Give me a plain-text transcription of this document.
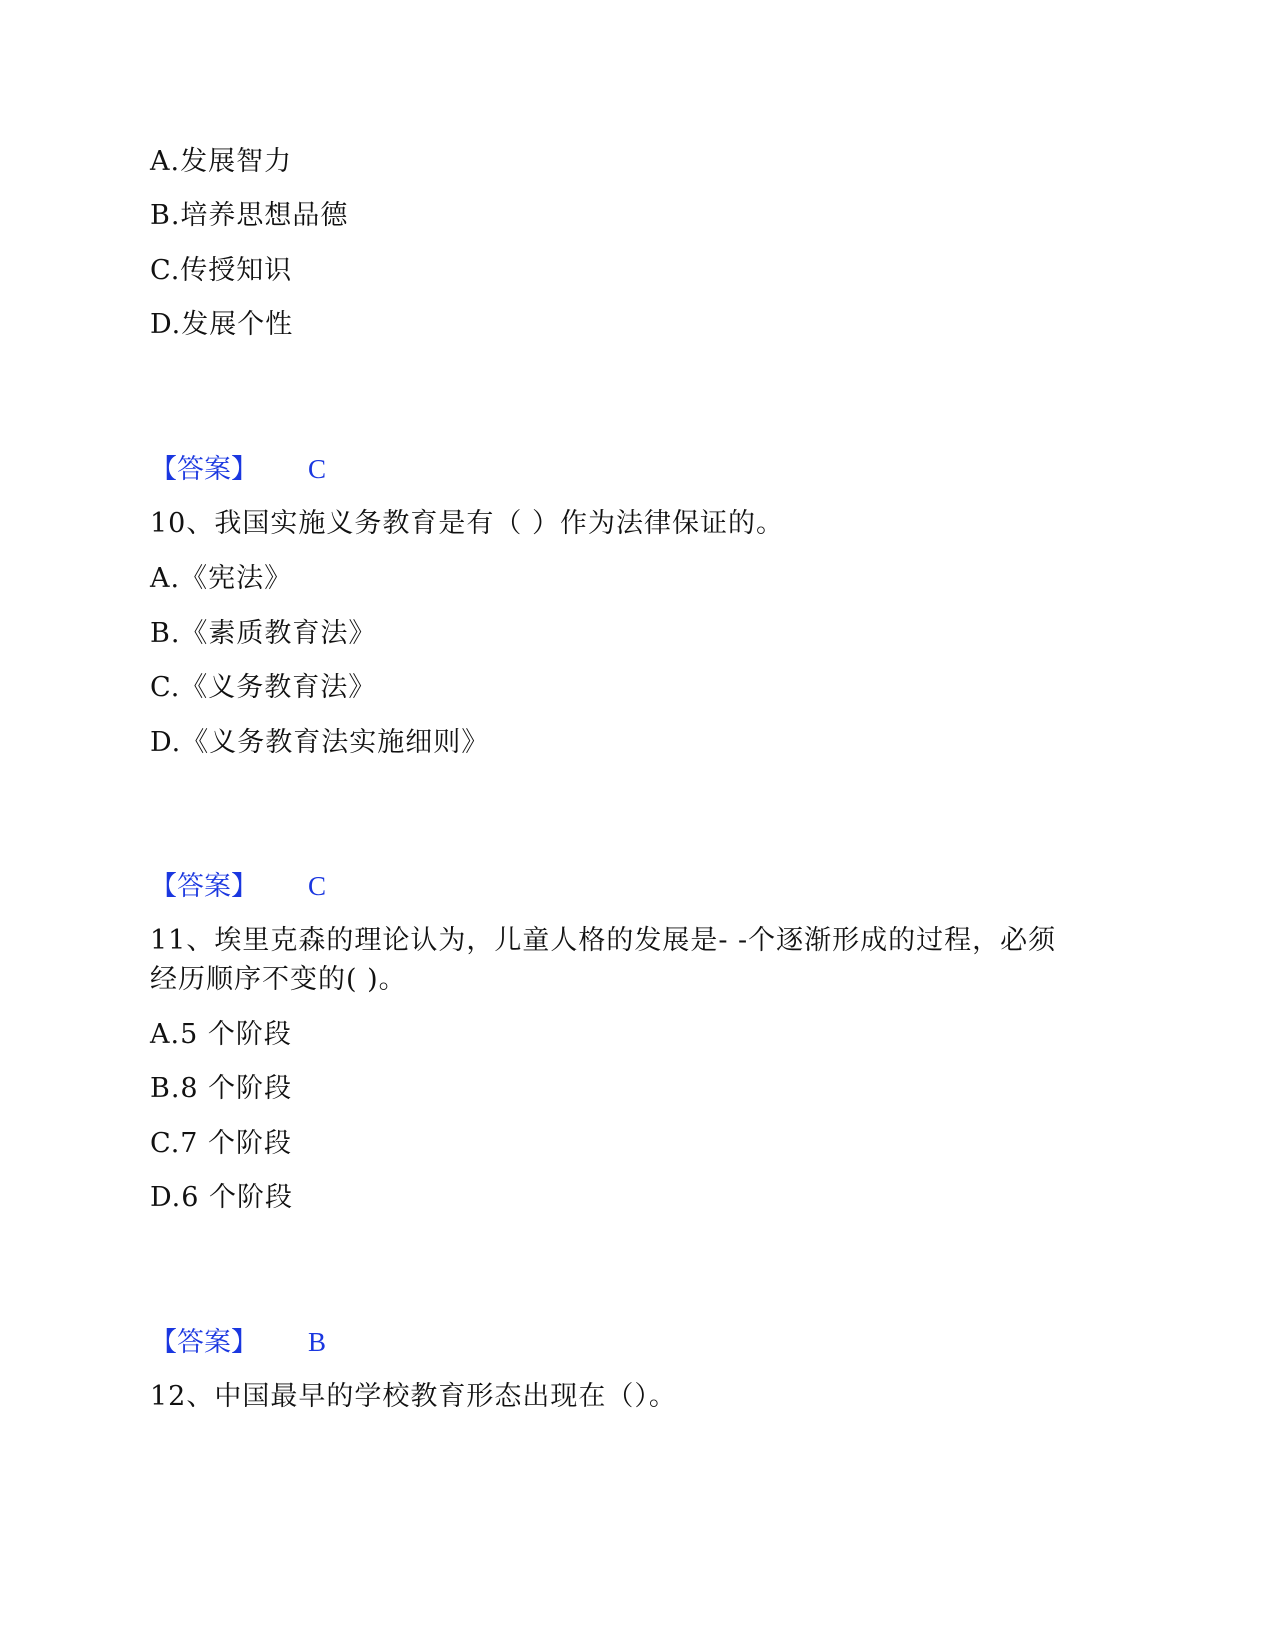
A.发展智力
B.培养思想品德
C.传授知识
D.发展个性
【答案】 C
10、我国实施义务教育是有（ ）作为法律保证的。
A.《宪法》
B.《素质教育法》
C.《义务教育法》
D.《义务教育法实施细则》
【答案】 C
11、埃里克森的理论认为，儿童人格的发展是- -个逐渐形成的过程，必须
经历顺序不变的( )。
A.5 个阶段
B.8 个阶段
C.7 个阶段
D.6 个阶段
【答案】 B
12、中国最早的学校教育形态出现在（）。
